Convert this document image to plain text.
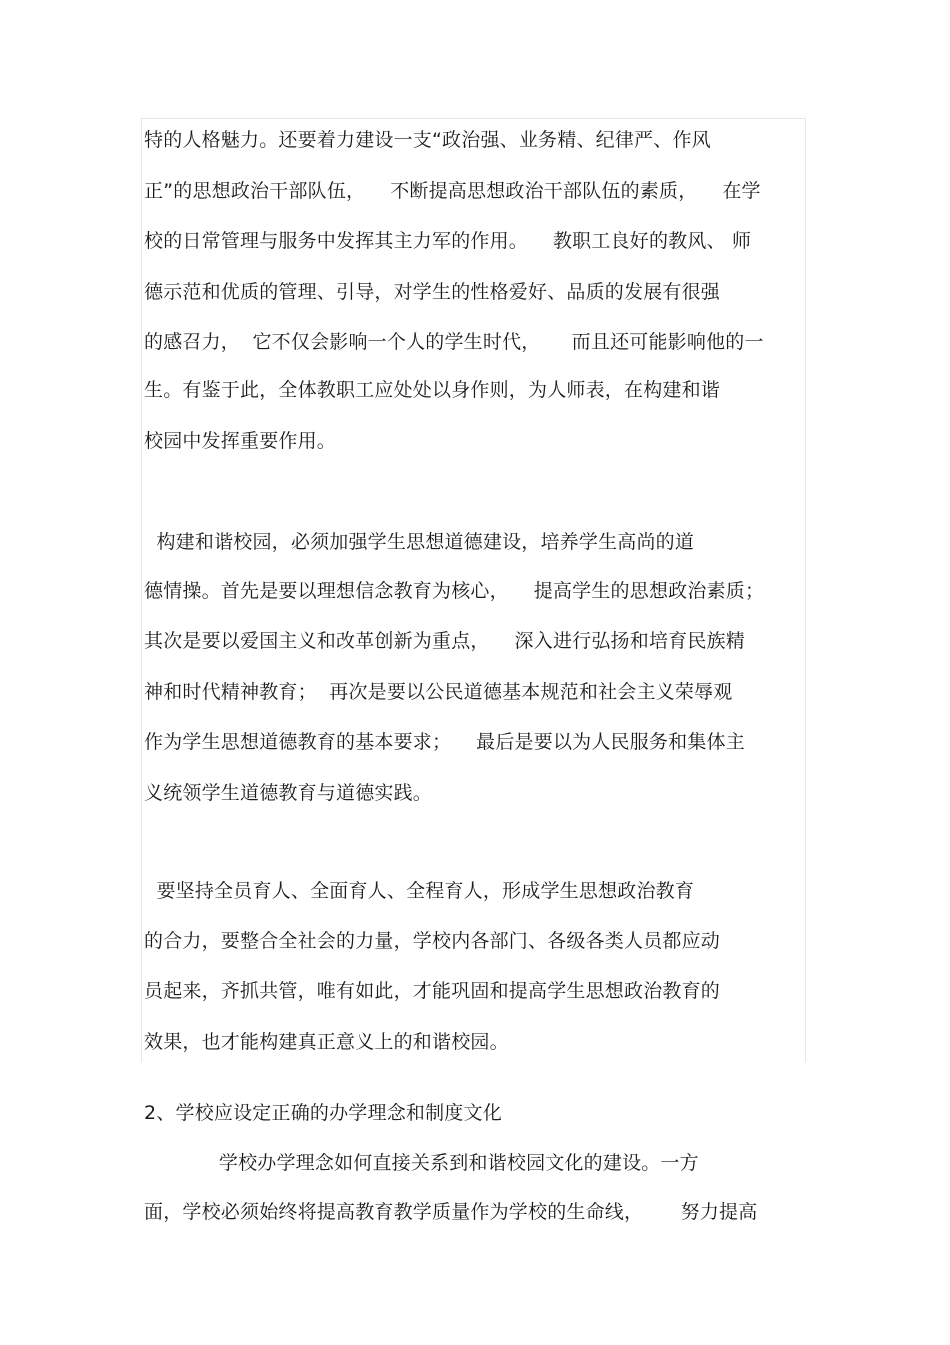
特的人格魅力。还要着力建设一支“政治强、业务精、纪律严、作风
正”的思想政治干部队伍，    不断提高思想政治干部队伍的素质，    在学
校的日常管理与服务中发挥其主力军的作用。    教职工良好的教风、 师
德示范和优质的管理、引导，对学生的性格爱好、品质的发展有很强
的感召力，  它不仅会影响一个人的学生时代，     而且还可能影响他的一
生。有鉴于此，全体教职工应处处以身作则，为人师表，在构建和谐
校园中发挥重要作用。
构建和谐校园，必须加强学生思想道德建设，培养学生高尚的道
德情操。首先是要以理想信念教育为核心，    提高学生的思想政治素质；
其次是要以爱国主义和改革创新为重点，    深入进行弘扬和培育民族精
神和时代精神教育；  再次是要以公民道德基本规范和社会主义荣辱观
作为学生思想道德教育的基本要求；    最后是要以为人民服务和集体主
义统领学生道德教育与道德实践。
要坚持全员育人、全面育人、全程育人，形成学生思想政治教育
的合力，要整合全社会的力量，学校内各部门、各级各类人员都应动
员起来，齐抓共管，唯有如此，才能巩固和提高学生思想政治教育的
效果，也才能构建真正意义上的和谐校园。
2、学校应设定正确的办学理念和制度文化
学校办学理念如何直接关系到和谐校园文化的建设。一方
面，学校必须始终将提高教育教学质量作为学校的生命线，      努力提高
